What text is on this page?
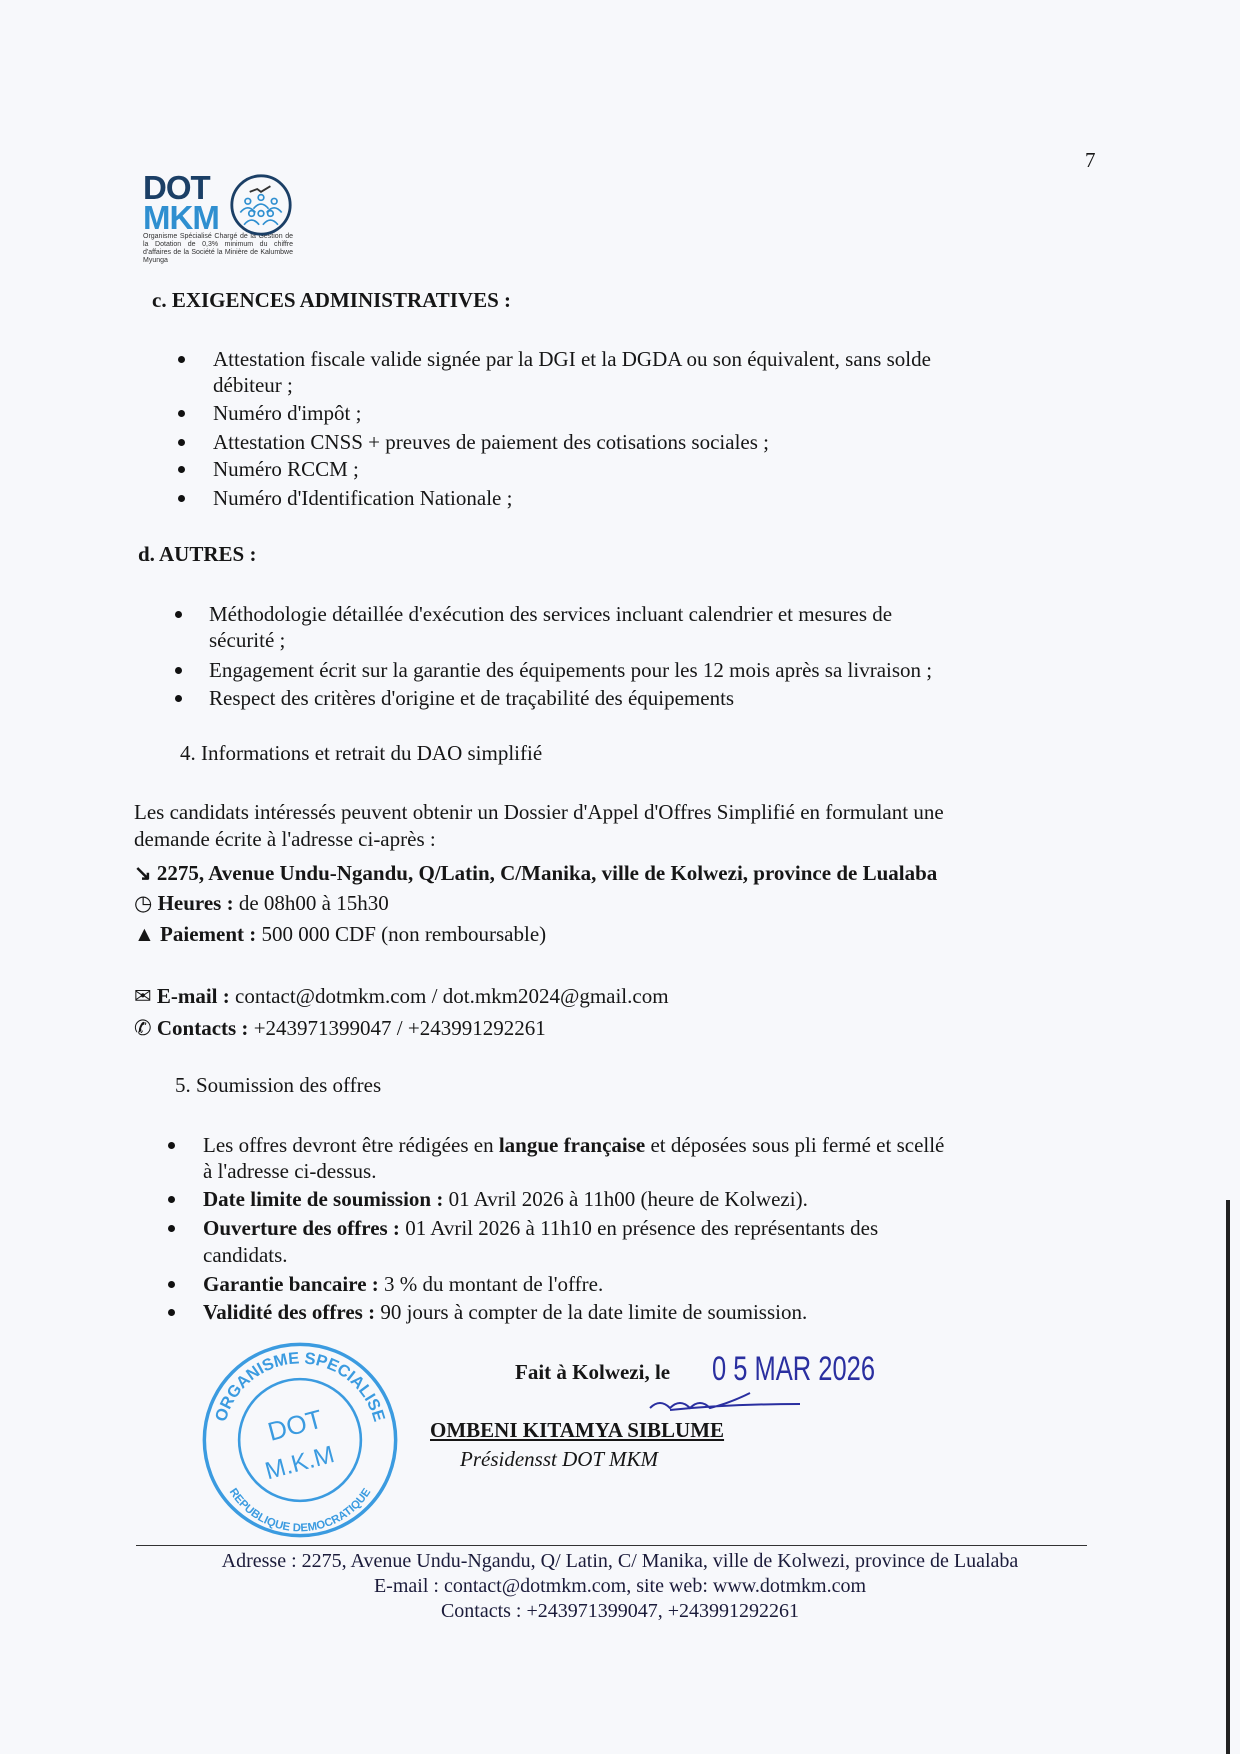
7
DOT
MKM
Organisme Spécialisé Chargé de la Gestion de la Dotation de 0,3% minimum du chiffre d'affaires de la Société la Minière de Kalumbwe Myunga
c. EXIGENCES ADMINISTRATIVES :
Attestation fiscale valide signée par la DGI et la DGDA ou son équivalent, sans solde
débiteur ;
Numéro d'impôt ;
Attestation CNSS + preuves de paiement des cotisations sociales ;
Numéro RCCM ;
Numéro d'Identification Nationale ;
d. AUTRES :
Méthodologie détaillée d'exécution des services incluant calendrier et mesures de
sécurité ;
Engagement écrit sur la garantie des équipements pour les 12 mois après sa livraison ;
Respect des critères d'origine et de traçabilité des équipements
4. Informations et retrait du DAO simplifié
Les candidats intéressés peuvent obtenir un Dossier d'Appel d'Offres Simplifié en formulant une
demande écrite à l'adresse ci-après :
↘︎ 2275, Avenue Undu-Ngandu, Q/Latin, C/Manika, ville de Kolwezi, province de Lualaba
◷ Heures : de 08h00 à 15h30
▲ Paiement : 500 000 CDF (non remboursable)
✉ E-mail : contact@dotmkm.com / dot.mkm2024@gmail.com
✆ Contacts : +243971399047 / +243991292261
5. Soumission des offres
Les offres devront être rédigées en langue française et déposées sous pli fermé et scellé
à l'adresse ci-dessus.
Date limite de soumission : 01 Avril 2026 à 11h00 (heure de Kolwezi).
Ouverture des offres : 01 Avril 2026 à 11h10 en présence des représentants des
candidats.
Garantie bancaire : 3 % du montant de l'offre.
Validité des offres : 90 jours à compter de la date limite de soumission.
Fait à Kolwezi, le 0 5 MAR 2026
OMBENI KITAMYA SIBLUME
Présidensst DOT MKM
ORGANISME SPECIALISE
REPUBLIQUE DEMOCRATIQUE
DOT
M.K.M
Adresse : 2275, Avenue Undu-Ngandu, Q/ Latin, C/ Manika, ville de Kolwezi, province de Lualaba
E-mail : contact@dotmkm.com, site web: www.dotmkm.com
Contacts : +243971399047, +243991292261
